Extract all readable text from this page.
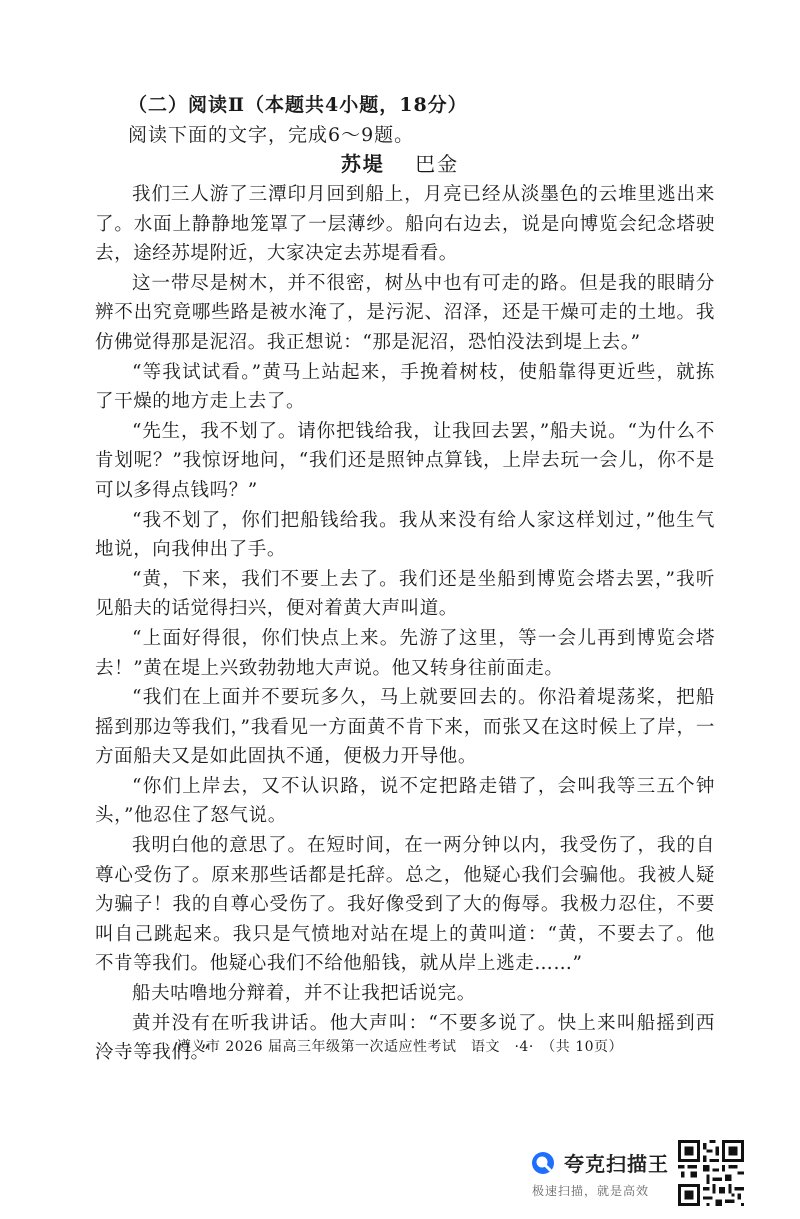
（二）阅读Ⅱ（本题共4小题，18分）
阅读下面的文字，完成6～9题。
苏堤 巴金

我们三人游了三潭印月回到船上，月亮已经从淡墨色的云堆里逃出来了。水面上静静地笼罩了一层薄纱。船向右边去，说是向博览会纪念塔驶去，途经苏堤附近，大家决定去苏堤看看。

这一带尽是树木，并不很密，树丛中也有可走的路。但是我的眼睛分辨不出究竟哪些路是被水淹了，是污泥、沼泽，还是干燥可走的土地。我仿佛觉得那是泥沼。我正想说：“那是泥沼，恐怕没法到堤上去。”

“等我试试看。”黄马上站起来，手挽着树枝，使船靠得更近些，就拣了干燥的地方走上去了。

“先生，我不划了。请你把钱给我，让我回去罢，”船夫说。“为什么不肯划呢？”我惊讶地问，“我们还是照钟点算钱，上岸去玩一会儿，你不是可以多得点钱吗？”

“我不划了，你们把船钱给我。我从来没有给人家这样划过，”他生气地说，向我伸出了手。

“黄，下来，我们不要上去了。我们还是坐船到博览会塔去罢，”我听见船夫的话觉得扫兴，便对着黄大声叫道。

“上面好得很，你们快点上来。先游了这里，等一会儿再到博览会塔去！”黄在堤上兴致勃勃地大声说。他又转身往前面走。

“我们在上面并不要玩多久，马上就要回去的。你沿着堤荡桨，把船摇到那边等我们，”我看见一方面黄不肯下来，而张又在这时候上了岸，一方面船夫又是如此固执不通，便极力开导他。

“你们上岸去，又不认识路，说不定把路走错了，会叫我等三五个钟头，”他忍住了怒气说。

我明白他的意思了。在短时间，在一两分钟以内，我受伤了，我的自尊心受伤了。原来那些话都是托辞。总之，他疑心我们会骗他。我被人疑为骗子！我的自尊心受伤了。我好像受到了大的侮辱。我极力忍住，不要叫自己跳起来。我只是气愤地对站在堤上的黄叫道：“黄，不要去了。他不肯等我们。他疑心我们不给他船钱，就从岸上逃走……”

船夫咕噜地分辩着，并不让我把话说完。

黄并没有在听我讲话。他大声叫：“不要多说了。快上来叫船摇到西泠寺等我们。”

遵义市 2026 届高三年级第一次适应性考试　语文　·4·　（共 10页）
夸克扫描王
极速扫描，就是高效
